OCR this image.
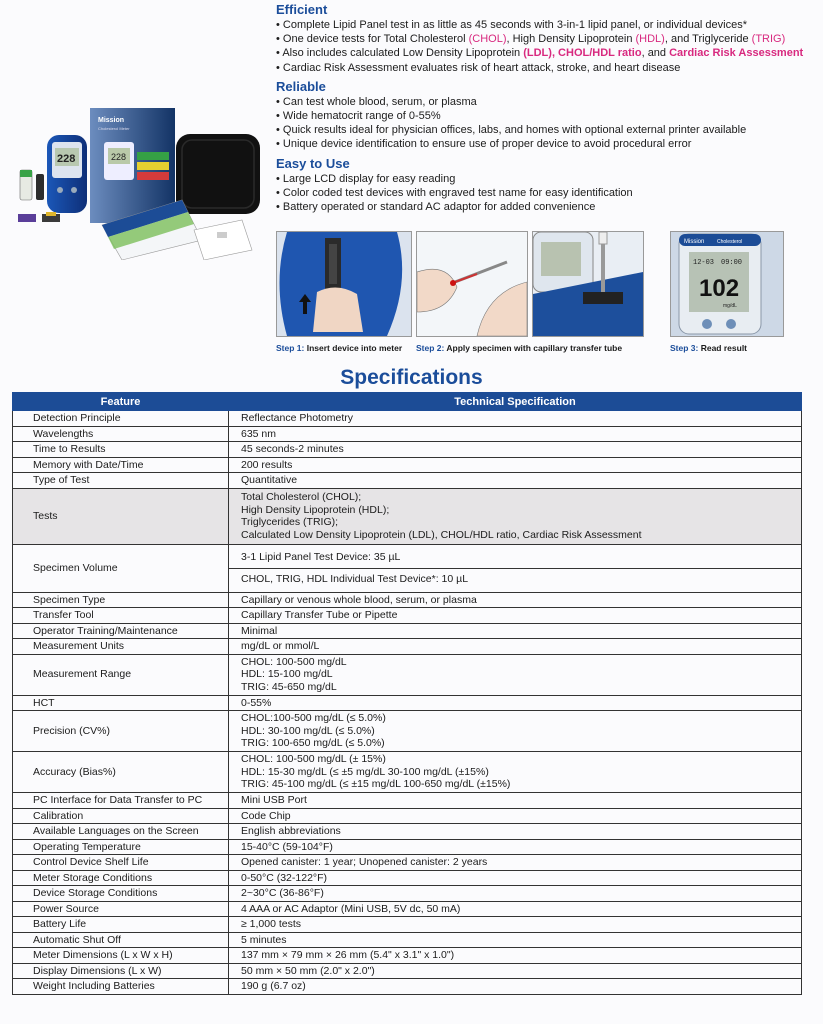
Mission
Cholesterol Meter
228
228
Efficient
• Complete Lipid Panel test in as little as 45 seconds with 3-in-1 lipid panel, or individual devices*
• One device tests for Total Cholesterol (CHOL), High Density Lipoprotein (HDL), and Triglyceride (TRIG)
• Also includes calculated Low Density Lipoprotein (LDL), CHOL/HDL ratio, and Cardiac Risk Assessment
• Cardiac Risk Assessment evaluates risk of heart attack, stroke, and heart disease
Reliable
• Can test whole blood, serum, or plasma
• Wide hematocrit range of 0-55%
• Quick results ideal for physician offices, labs, and homes with optional external printer available
• Unique device identification to ensure use of proper device to avoid procedural error
Easy to Use
• Large LCD display for easy reading
• Color coded test devices with engraved test name for easy identification
• Battery operated or standard AC adaptor for added convenience
Mission	Cholesterol
12-03 09:00
102
mg/dL
Step 1: Insert device into meter Step 2: Apply specimen with capillary transfer tube	Step 3: Read result
Specifications
Feature	Technical Specification
Detection Principle	Reflectance Photometry

Wavelengths	635 nm

Time to Results	45 seconds-2 minutes

Memory with Date/Time	200 results

Type of Test	Quantitative

Tests	Total Cholesterol (CHOL);
High Density Lipoprotein (HDL);
Triglycerides (TRIG);
Calculated Low Density Lipoprotein (LDL), CHOL/HDL ratio, Cardiac Risk Assessment

Specimen Volume	3-1 Lipid Panel Test Device: 35 µL
CHOL, TRIG, HDL Individual Test Device*: 10 µL

Specimen Type	Capillary or venous whole blood, serum, or plasma

Transfer Tool	Capillary Transfer Tube or Pipette

Operator Training/Maintenance	Minimal

Measurement Units	mg/dL or mmol/L

Measurement Range	CHOL: 100-500 mg/dL
HDL: 15-100 mg/dL
TRIG: 45-650 mg/dL

HCT	0-55%

Precision (CV%)	CHOL:100-500 mg/dL (≤ 5.0%)
HDL: 30-100 mg/dL (≤ 5.0%)
TRIG: 100-650 mg/dL (≤ 5.0%)

Accuracy (Bias%)	CHOL: 100-500 mg/dL (± 15%)
HDL: 15-30 mg/dL (≤ ±5 mg/dL 30-100 mg/dL (±15%)
TRIG: 45-100 mg/dL (≤ ±15 mg/dL 100-650 mg/dL (±15%)

PC Interface for Data Transfer to PC	Mini USB Port

Calibration	Code Chip

Available Languages on the Screen	English abbreviations

Operating Temperature	15-40°C (59-104°F)

Control Device Shelf Life	Opened canister: 1 year; Unopened canister: 2 years

Meter Storage Conditions	0-50°C (32-122°F)

Device Storage Conditions	2~30°C (36-86°F)

Power Source	4 AAA or AC Adaptor (Mini USB, 5V dc, 50 mA)

Battery Life	≥ 1,000 tests

Automatic Shut Off	5 minutes

Meter Dimensions (L x W x H)	137 mm × 79 mm × 26 mm (5.4" x 3.1" x 1.0")

Display Dimensions (L x W)	50 mm × 50 mm (2.0" x 2.0")

Weight Including Batteries	190 g (6.7 oz)
